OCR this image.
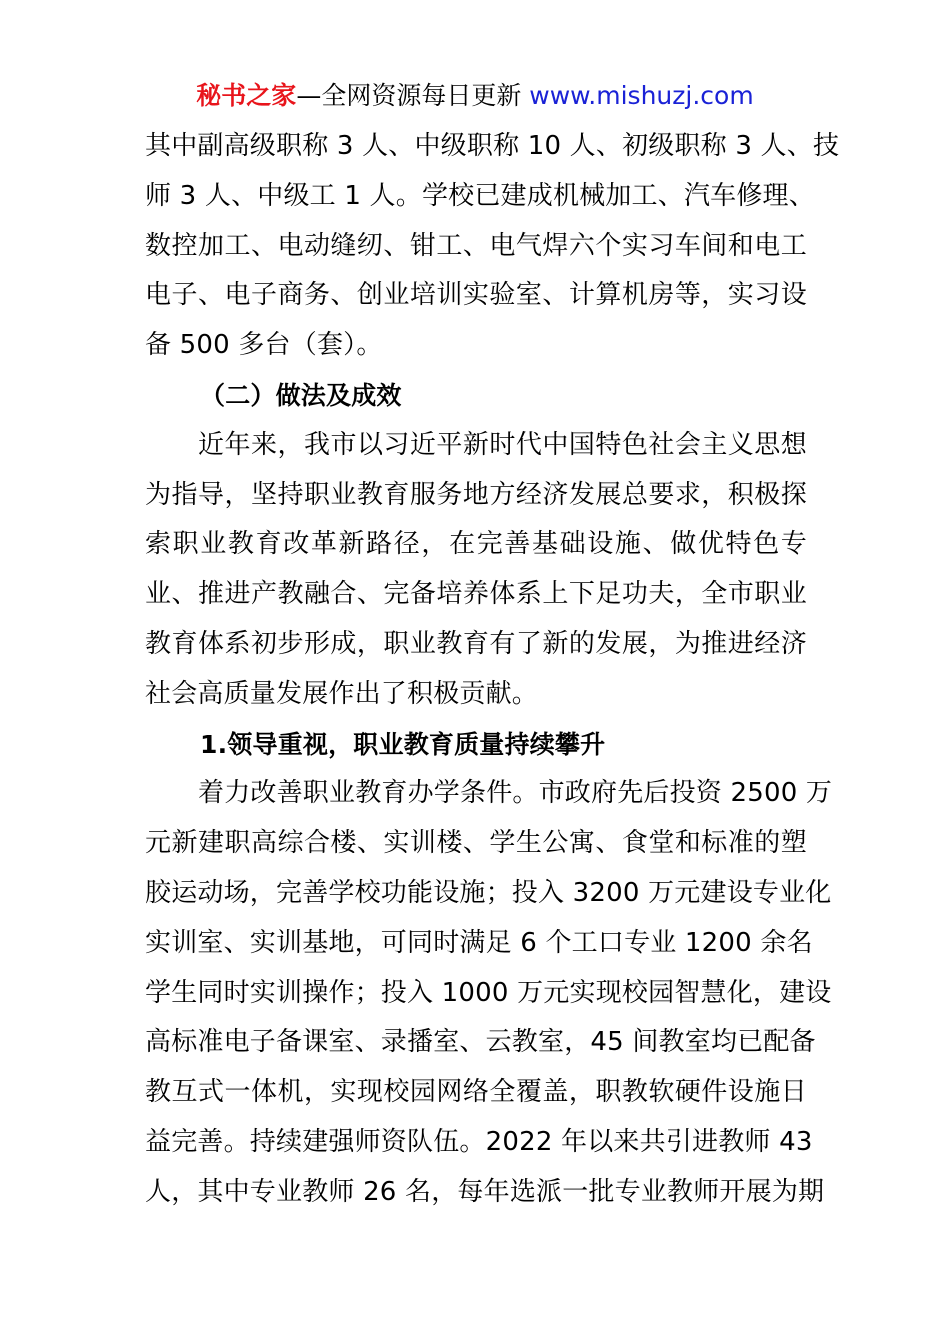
秘书之家—全网资源每日更新 www.mishuzj.com
其中副高级职称 3 人、中级职称 10 人、初级职称 3 人、技
师 3 人、中级工 1 人。学校已建成机械加工、汽车修理、
数控加工、电动缝纫、钳工、电气焊六个实习车间和电工
电子、电子商务、创业培训实验室、计算机房等，实习设
备 500 多台（套）。
（二）做法及成效
近年来，我市以习近平新时代中国特色社会主义思想
为指导，坚持职业教育服务地方经济发展总要求，积极探
索职业教育改革新路径，在完善基础设施、做优特色专
业、推进产教融合、完备培养体系上下足功夫，全市职业
教育体系初步形成，职业教育有了新的发展，为推进经济
社会高质量发展作出了积极贡献。
1.领导重视，职业教育质量持续攀升
着力改善职业教育办学条件。市政府先后投资 2500 万
元新建职高综合楼、实训楼、学生公寓、食堂和标准的塑
胶运动场，完善学校功能设施；投入 3200 万元建设专业化
实训室、实训基地，可同时满足 6 个工口专业 1200 余名
学生同时实训操作；投入 1000 万元实现校园智慧化，建设
高标准电子备课室、录播室、云教室，45 间教室均已配备
教互式一体机，实现校园网络全覆盖，职教软硬件设施日
益完善。持续建强师资队伍。2022 年以来共引进教师 43
人，其中专业教师 26 名，每年选派一批专业教师开展为期
